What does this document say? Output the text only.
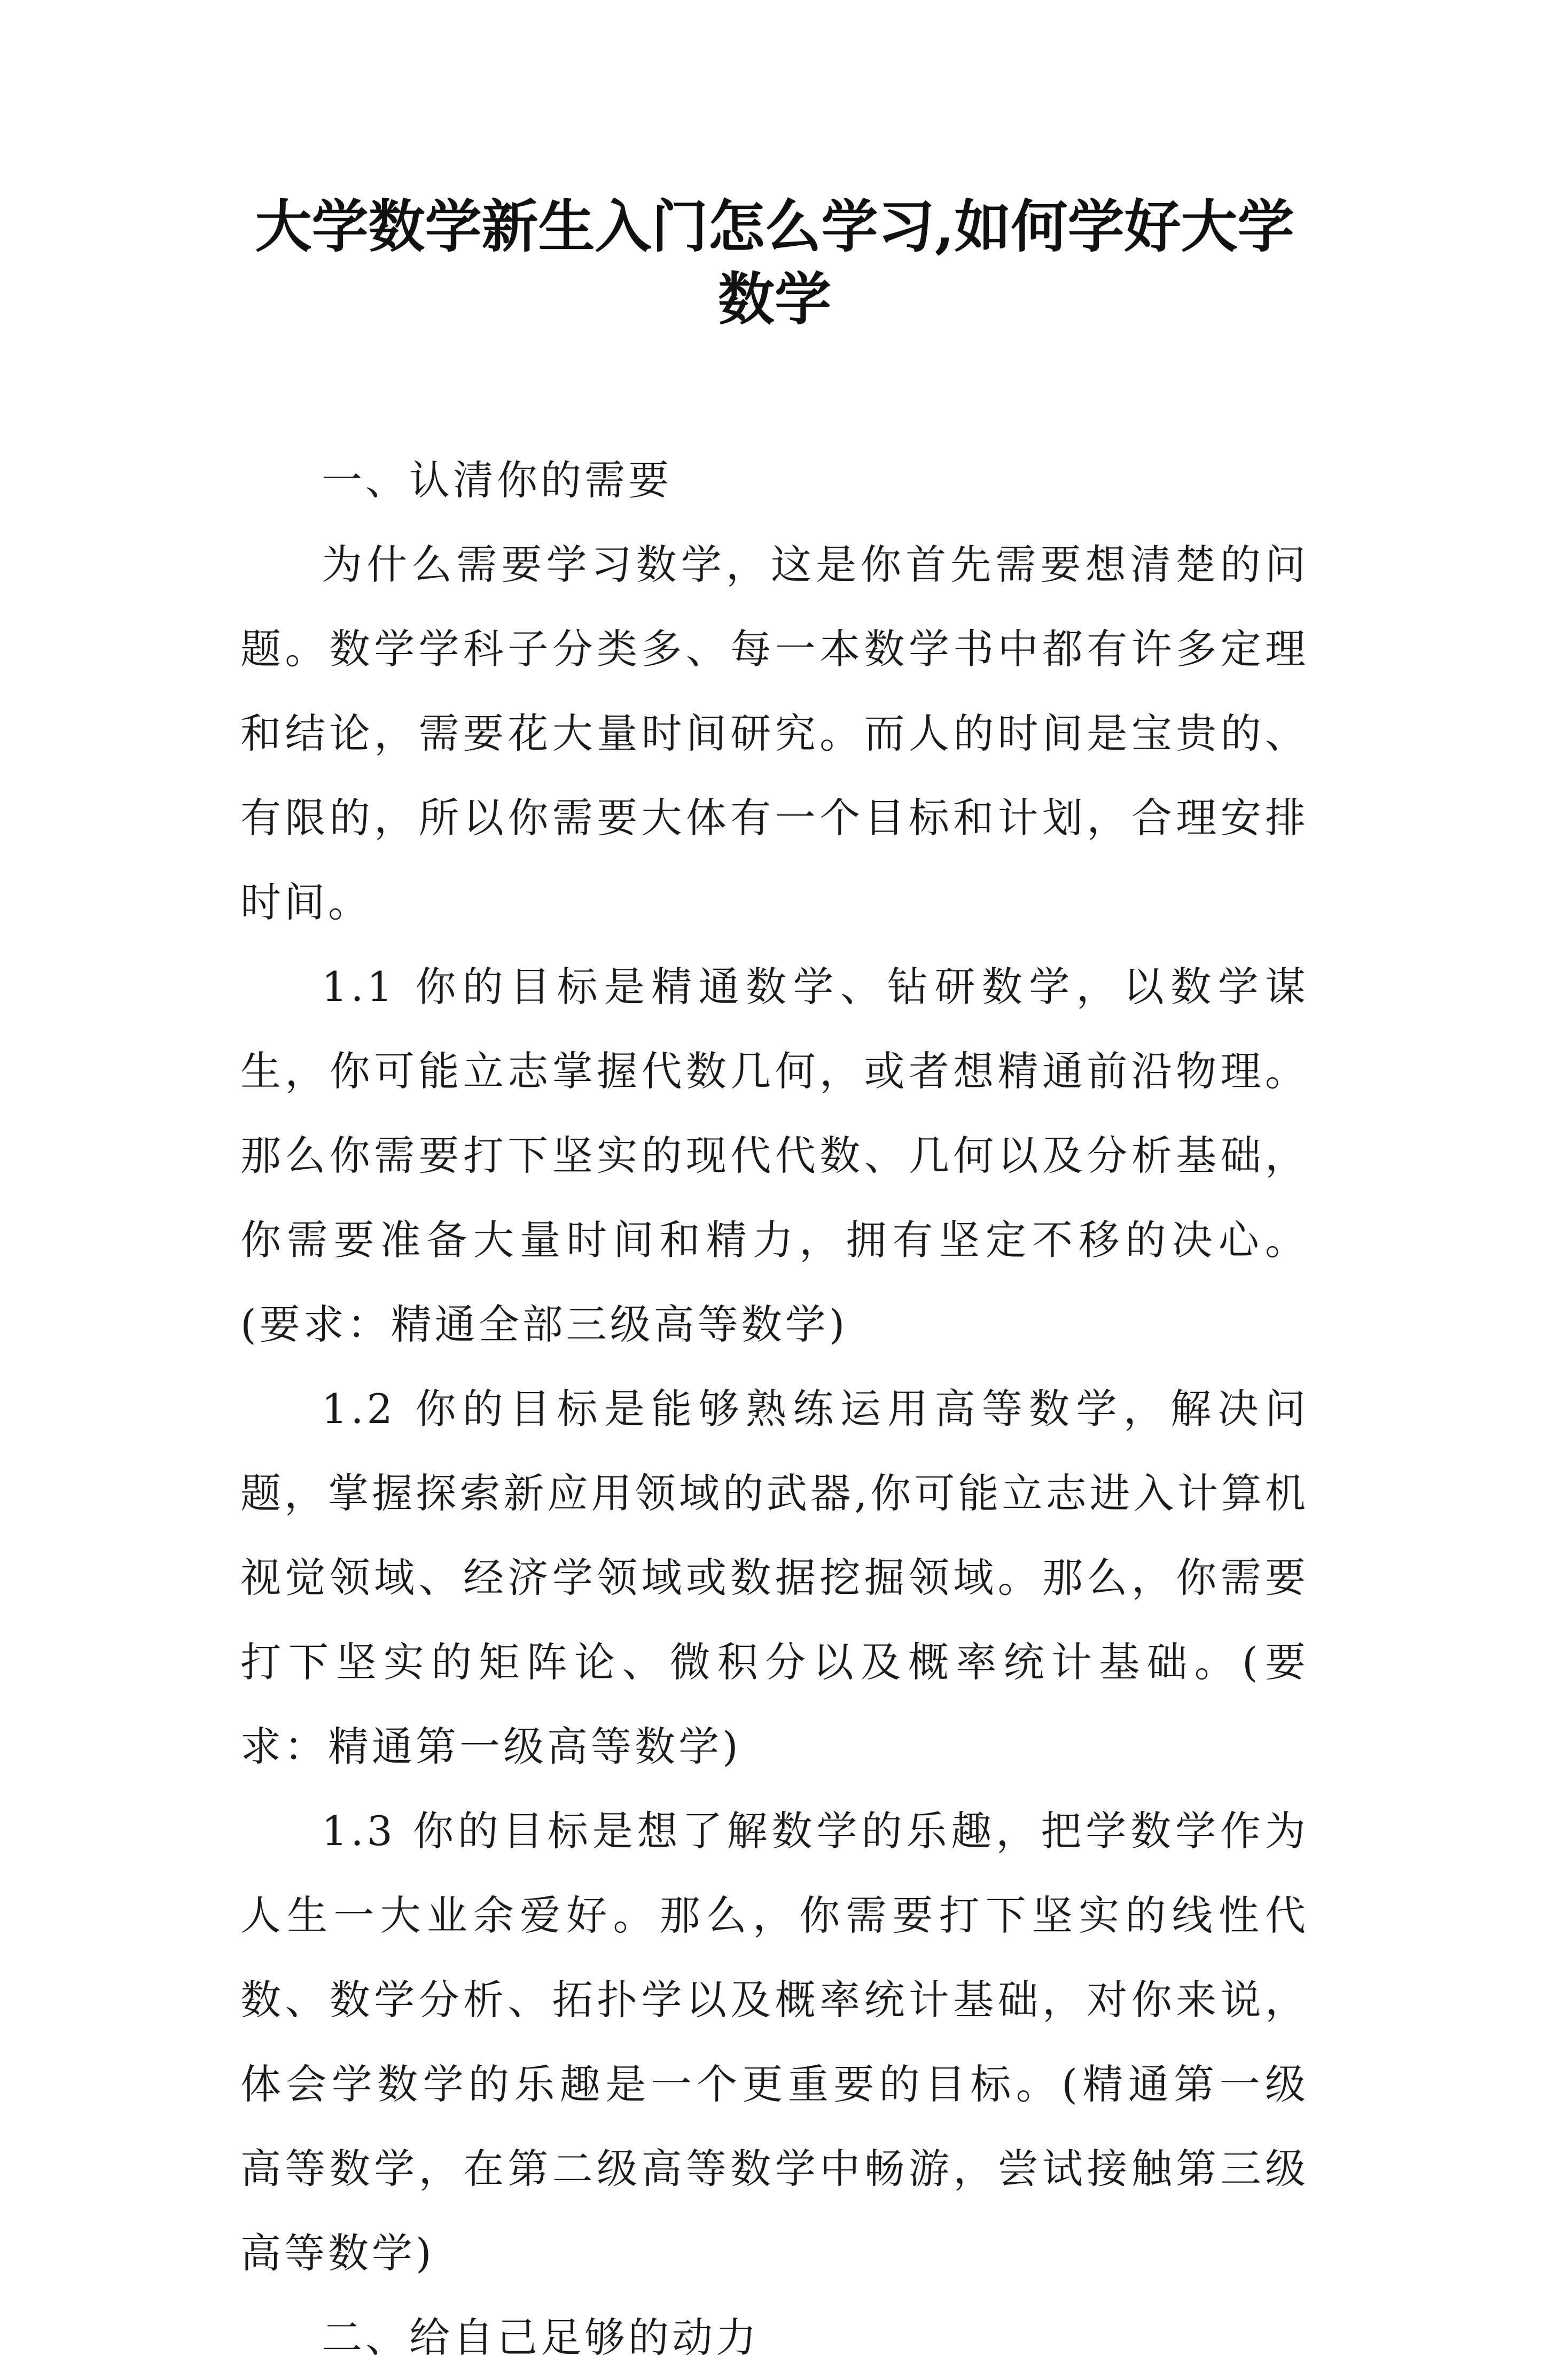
大学数学新生入门怎么学习,如何学好大学
数学

一、认清你的需要

为什么需要学习数学，这是你首先需要想清楚的问题。数学学科子分类多、每一本数学书中都有许多定理和结论，需要花大量时间研究。而人的时间是宝贵的、有限的，所以你需要大体有一个目标和计划，合理安排时间。

1.1 你的目标是精通数学、钻研数学，以数学谋生，你可能立志掌握代数几何，或者想精通前沿物理。那么你需要打下坚实的现代代数、几何以及分析基础，你需要准备大量时间和精力，拥有坚定不移的决心。(要求：精通全部三级高等数学)

1.2 你的目标是能够熟练运用高等数学，解决问题，掌握探索新应用领域的武器,你可能立志进入计算机视觉领域、经济学领域或数据挖掘领域。那么，你需要打下坚实的矩阵论、微积分以及概率统计基础。(要求：精通第一级高等数学)

1.3 你的目标是想了解数学的乐趣，把学数学作为人生一大业余爱好。那么，你需要打下坚实的线性代数、数学分析、拓扑学以及概率统计基础，对你来说，体会学数学的乐趣是一个更重要的目标。(精通第一级高等数学，在第二级高等数学中畅游，尝试接触第三级高等数学)

二、给自己足够的动力
